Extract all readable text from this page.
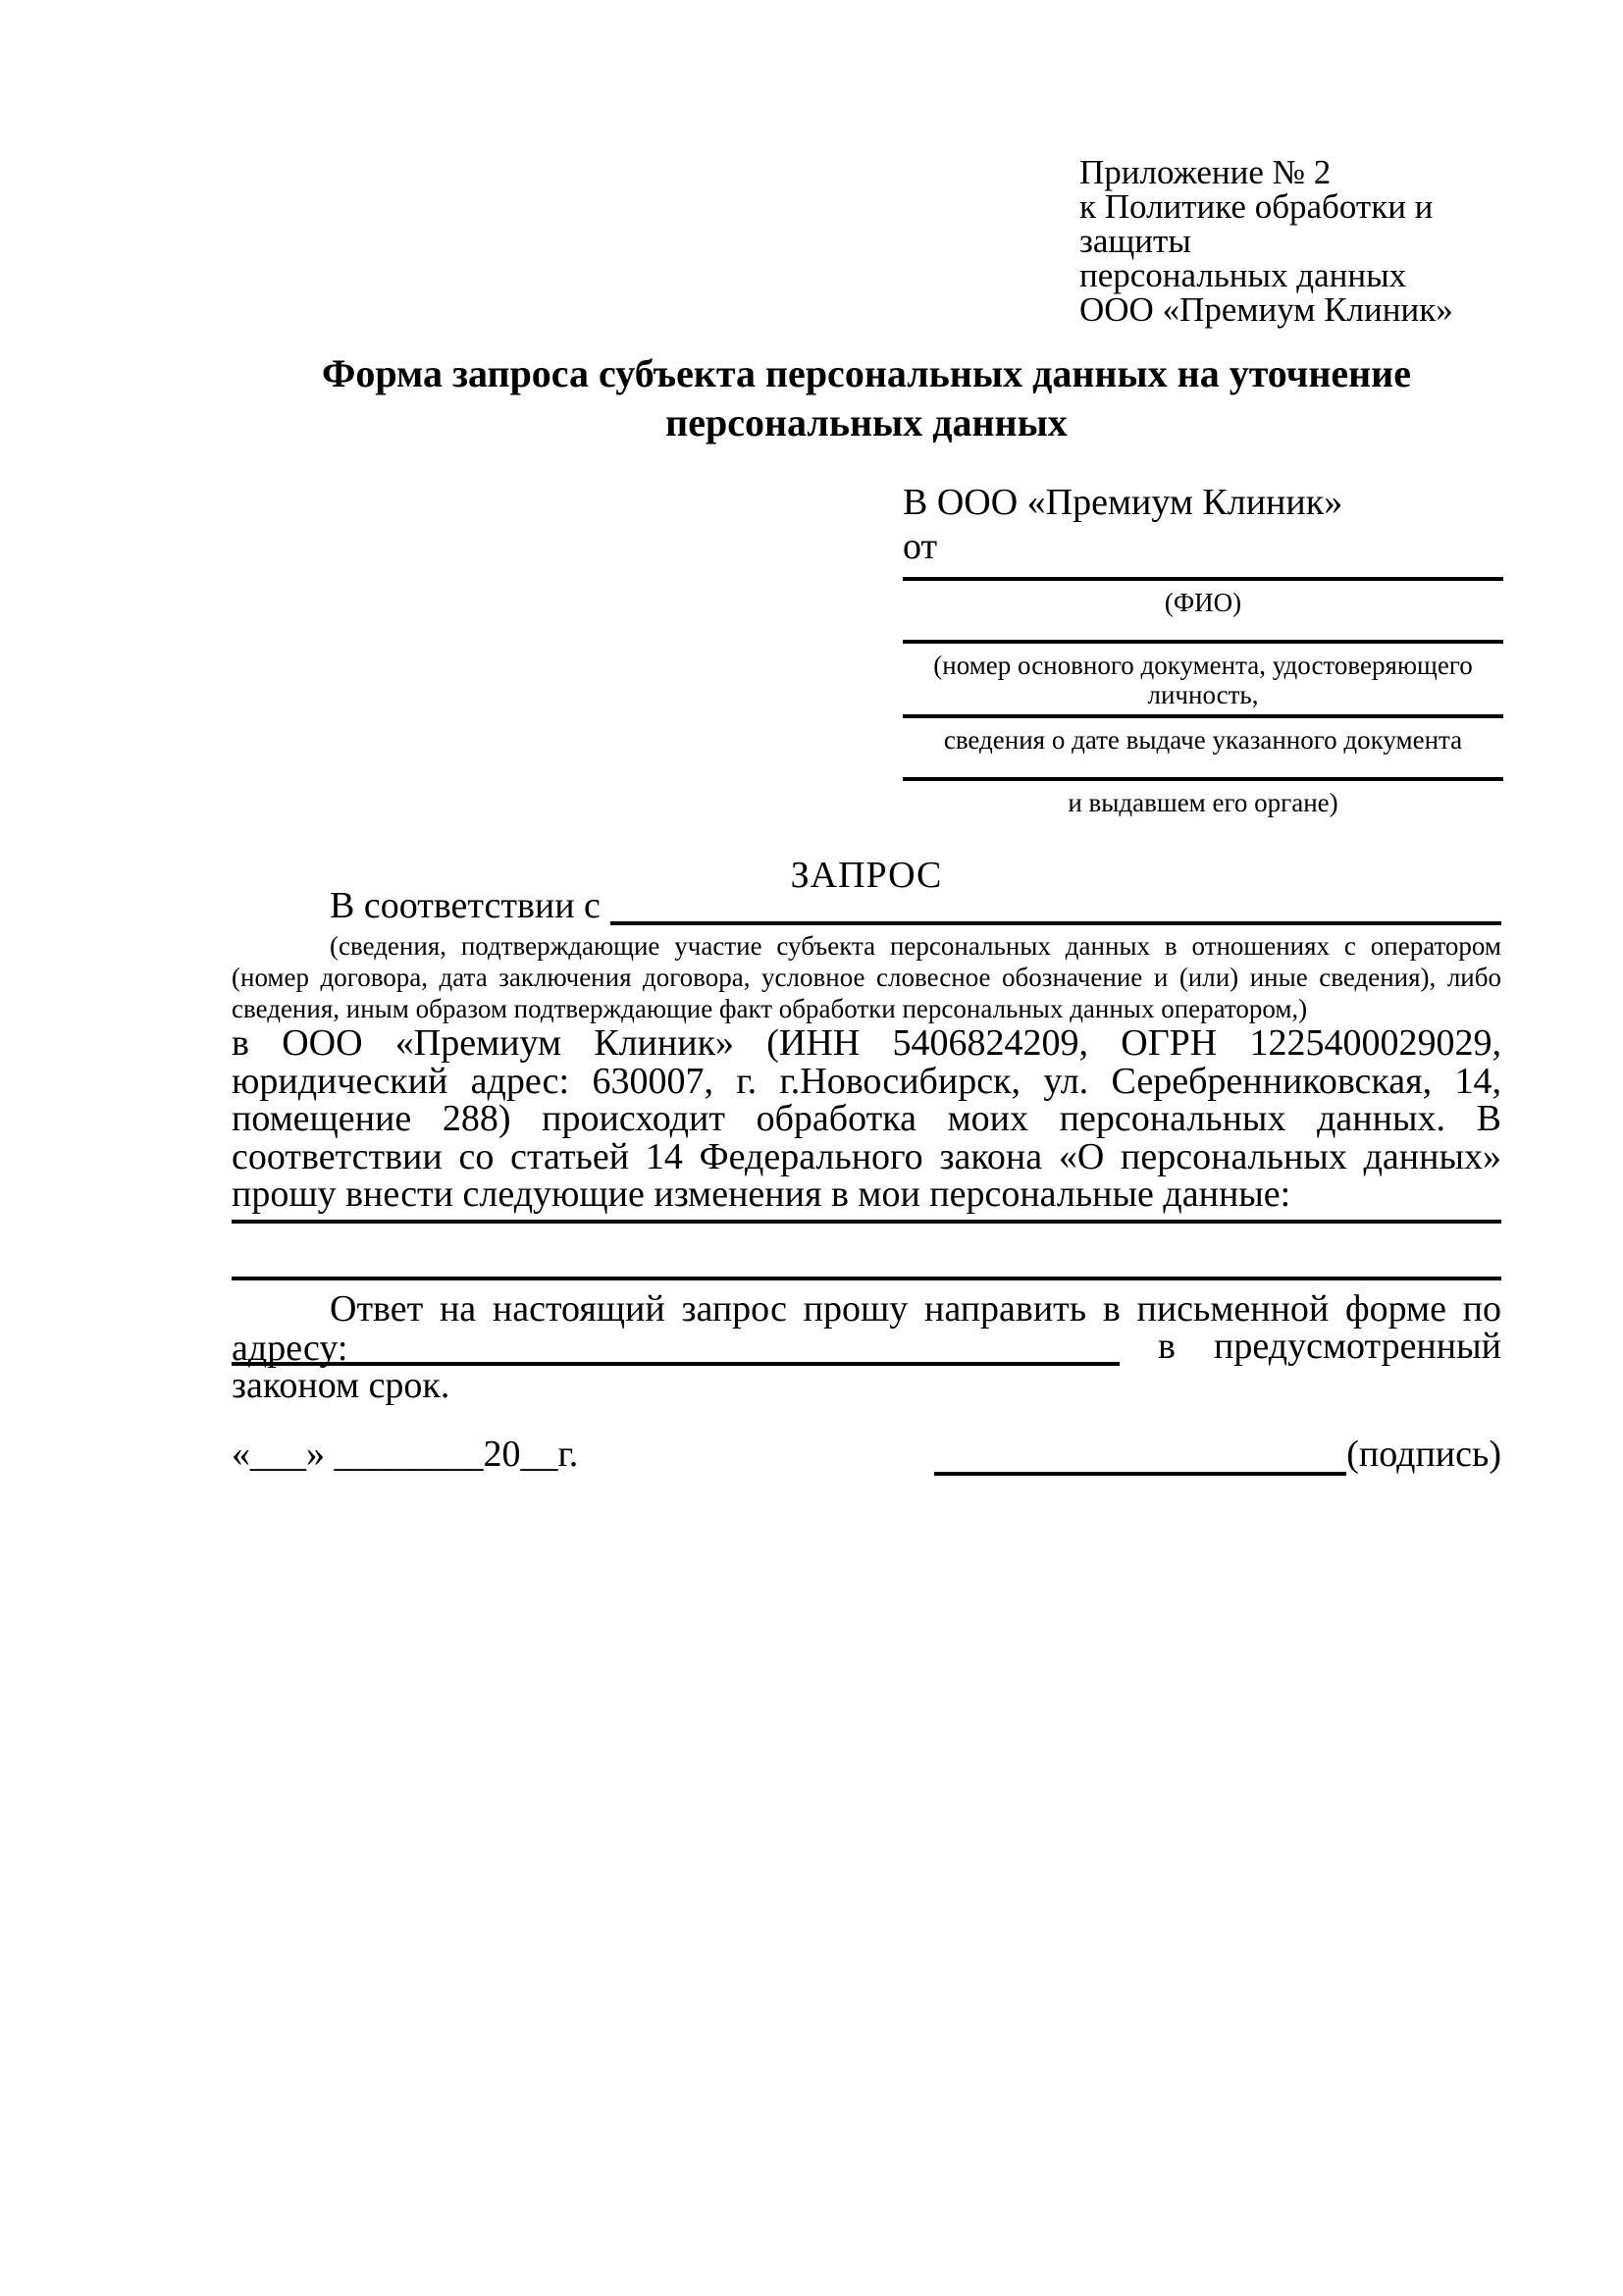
Приложение № 2
к Политике обработки и защиты
персональных данных
ООО «Премиум Клиник»
Форма запроса субъекта персональных данных на уточнение персональных данных
В ООО «Премиум Клиник»
от
(ФИО)
(номер основного документа, удостоверяющего личность,
сведения о дате выдаче указанного документа
и выдавшем его органе)
ЗАПРОС
В соответствии с
(сведения, подтверждающие участие субъекта персональных данных в отношениях с оператором (номер договора, дата заключения договора, условное словесное обозначение и (или) иные сведения), либо сведения, иным образом подтверждающие факт обработки персональных данных оператором,)
в ООО «Премиум Клиник» (ИНН 5406824209, ОГРН 1225400029029, юридический адрес: 630007, г. г.Новосибирск, ул. Серебренниковская, 14, помещение 288) происходит обработка моих персональных данных. В соответствии со статьей 14 Федерального закона «О персональных данных» прошу внести следующие изменения в мои персональные данные:
Ответ на настоящий запрос прошу направить в письменной форме по адресу:	в предусмотренный
законом срок.
«___» ________20__г.	(подпись)
